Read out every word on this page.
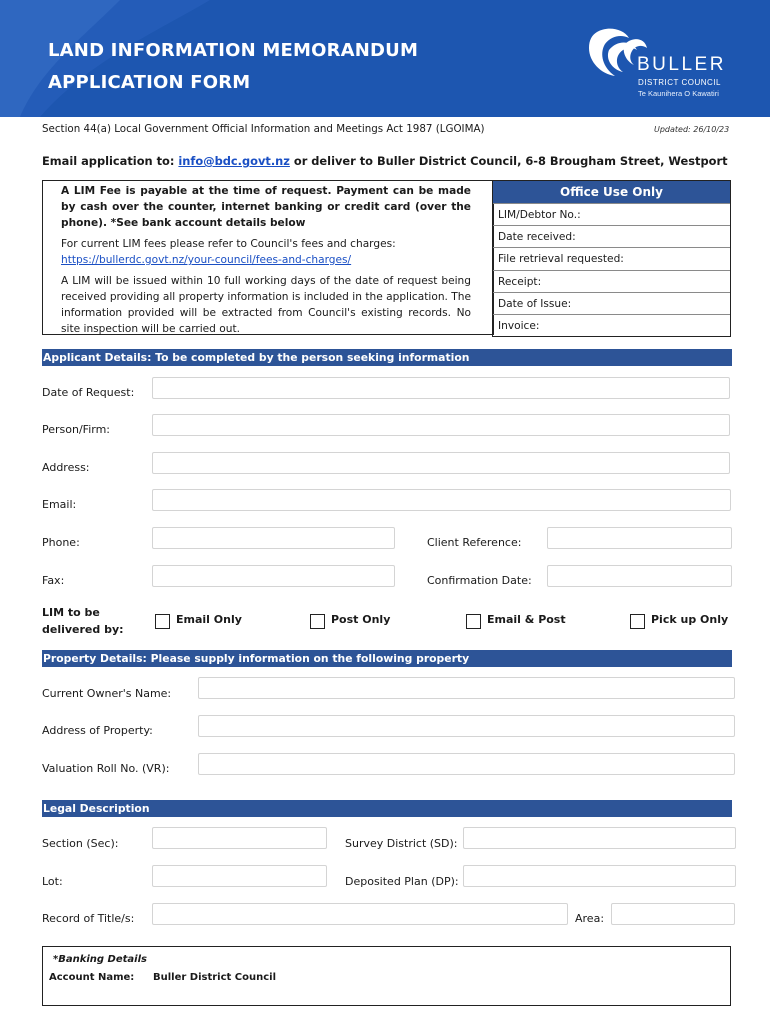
LAND INFORMATION MEMORANDUM
APPLICATION FORM
BULLER
DISTRICT COUNCIL
Te Kaunihera O Kawatiri
Section 44(a) Local Government Official Information and Meetings Act 1987 (LGOIMA)	Updated: 26/10/23
Email application to: info@bdc.govt.nz or deliver to Buller District Council, 6-8 Brougham Street, Westport
A LIM Fee is payable at the time of request. Payment can be made by cash over the counter, internet banking or credit card (over the phone). *See bank account details below
For current LIM fees please refer to Council's fees and charges:
https://bullerdc.govt.nz/your-council/fees-and-charges/
A LIM will be issued within 10 full working days of the date of request being received providing all property information is included in the application. The information provided will be extracted from Council's existing records. No site inspection will be carried out.
Office Use Only
LIM/Debtor No.:
Date received:
File retrieval requested:
Receipt:
Date of Issue:
Invoice:
Applicant Details: To be completed by the person seeking information
Date of Request:
Person/Firm:
Address:
Email:
Phone:	Client Reference:
Fax:	Confirmation Date:
LIM to be
delivered by:
Email Only	Post Only	Email & Post	Pick up Only
Property Details: Please supply information on the following property
Current Owner's Name:
Address of Property:
Valuation Roll No. (VR):
Legal Description
Section (Sec):	Survey District (SD):
Lot:	Deposited Plan (DP):
Record of Title/s:	Area:
*Banking Details
Account Name: Buller District Council
